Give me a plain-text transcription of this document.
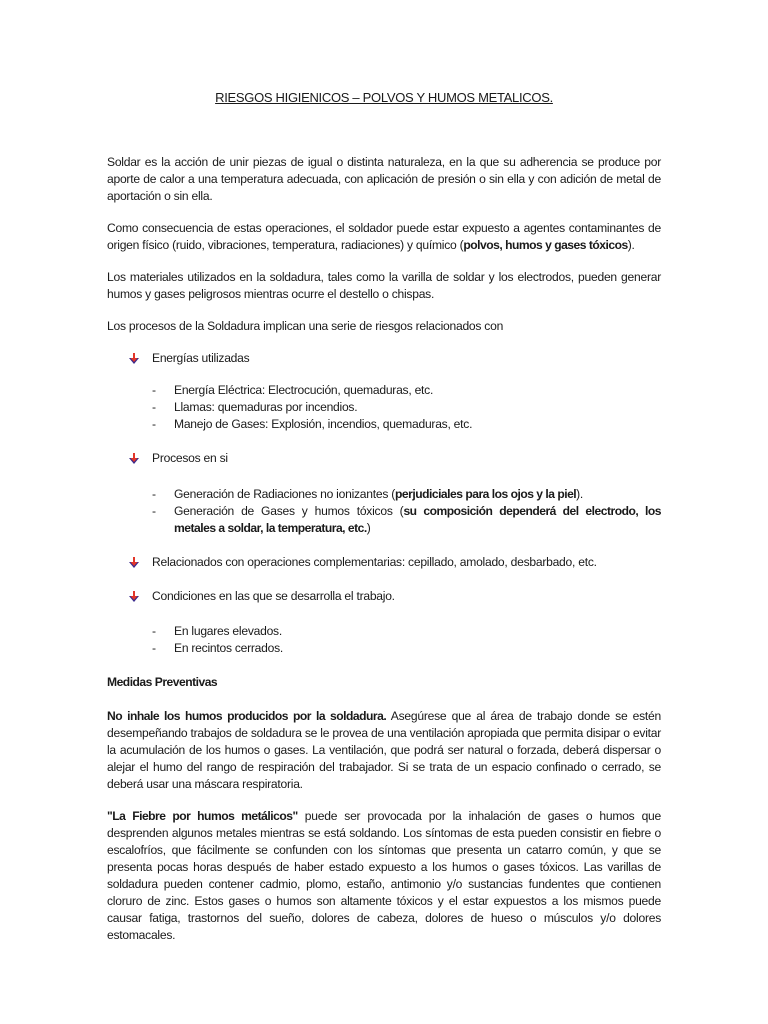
RIESGOS HIGIENICOS – POLVOS Y HUMOS METALICOS.

Soldar es la acción de unir piezas de igual o distinta naturaleza, en la que su adherencia se produce por aporte de calor a una temperatura adecuada, con aplicación de presión o sin ella y con adición de metal de aportación o sin ella.

Como consecuencia de estas operaciones, el soldador puede estar expuesto a agentes contaminantes de origen físico (ruido, vibraciones, temperatura, radiaciones) y químico (polvos, humos y gases tóxicos).

Los materiales utilizados en la soldadura, tales como la varilla de soldar y los electrodos, pueden generar humos y gases peligrosos mientras ocurre el destello o chispas.

Los procesos de la Soldadura implican una serie de riesgos relacionados con

Energías utilizadas

- Energía Eléctrica: Electrocución, quemaduras, etc.
- Llamas: quemaduras por incendios.
- Manejo de Gases: Explosión, incendios, quemaduras, etc.

Procesos en si

- Generación de Radiaciones no ionizantes (perjudiciales para los ojos y la piel).
- Generación de Gases y humos tóxicos (su composición dependerá del electrodo, los metales a soldar, la temperatura, etc.)

Relacionados con operaciones complementarias: cepillado, amolado, desbarbado, etc.

Condiciones en las que se desarrolla el trabajo.

- En lugares elevados.
- En recintos cerrados.

Medidas Preventivas

No inhale los humos producidos por la soldadura. Asegúrese que al área de trabajo donde se estén desempeñando trabajos de soldadura se le provea de una ventilación apropiada que permita disipar o evitar la acumulación de los humos o gases. La ventilación, que podrá ser natural o forzada, deberá dispersar o alejar el humo del rango de respiración del trabajador. Si se trata de un espacio confinado o cerrado, se deberá usar una máscara respiratoria.

"La Fiebre por humos metálicos" puede ser provocada por la inhalación de gases o humos que desprenden algunos metales mientras se está soldando. Los síntomas de esta pueden consistir en fiebre o escalofríos, que fácilmente se confunden con los síntomas que presenta un catarro común, y que se presenta pocas horas después de haber estado expuesto a los humos o gases tóxicos. Las varillas de soldadura pueden contener cadmio, plomo, estaño, antimonio y/o sustancias fundentes que contienen cloruro de zinc. Estos gases o humos son altamente tóxicos y el estar expuestos a los mismos puede causar fatiga, trastornos del sueño, dolores de cabeza, dolores de hueso o músculos y/o dolores estomacales.
